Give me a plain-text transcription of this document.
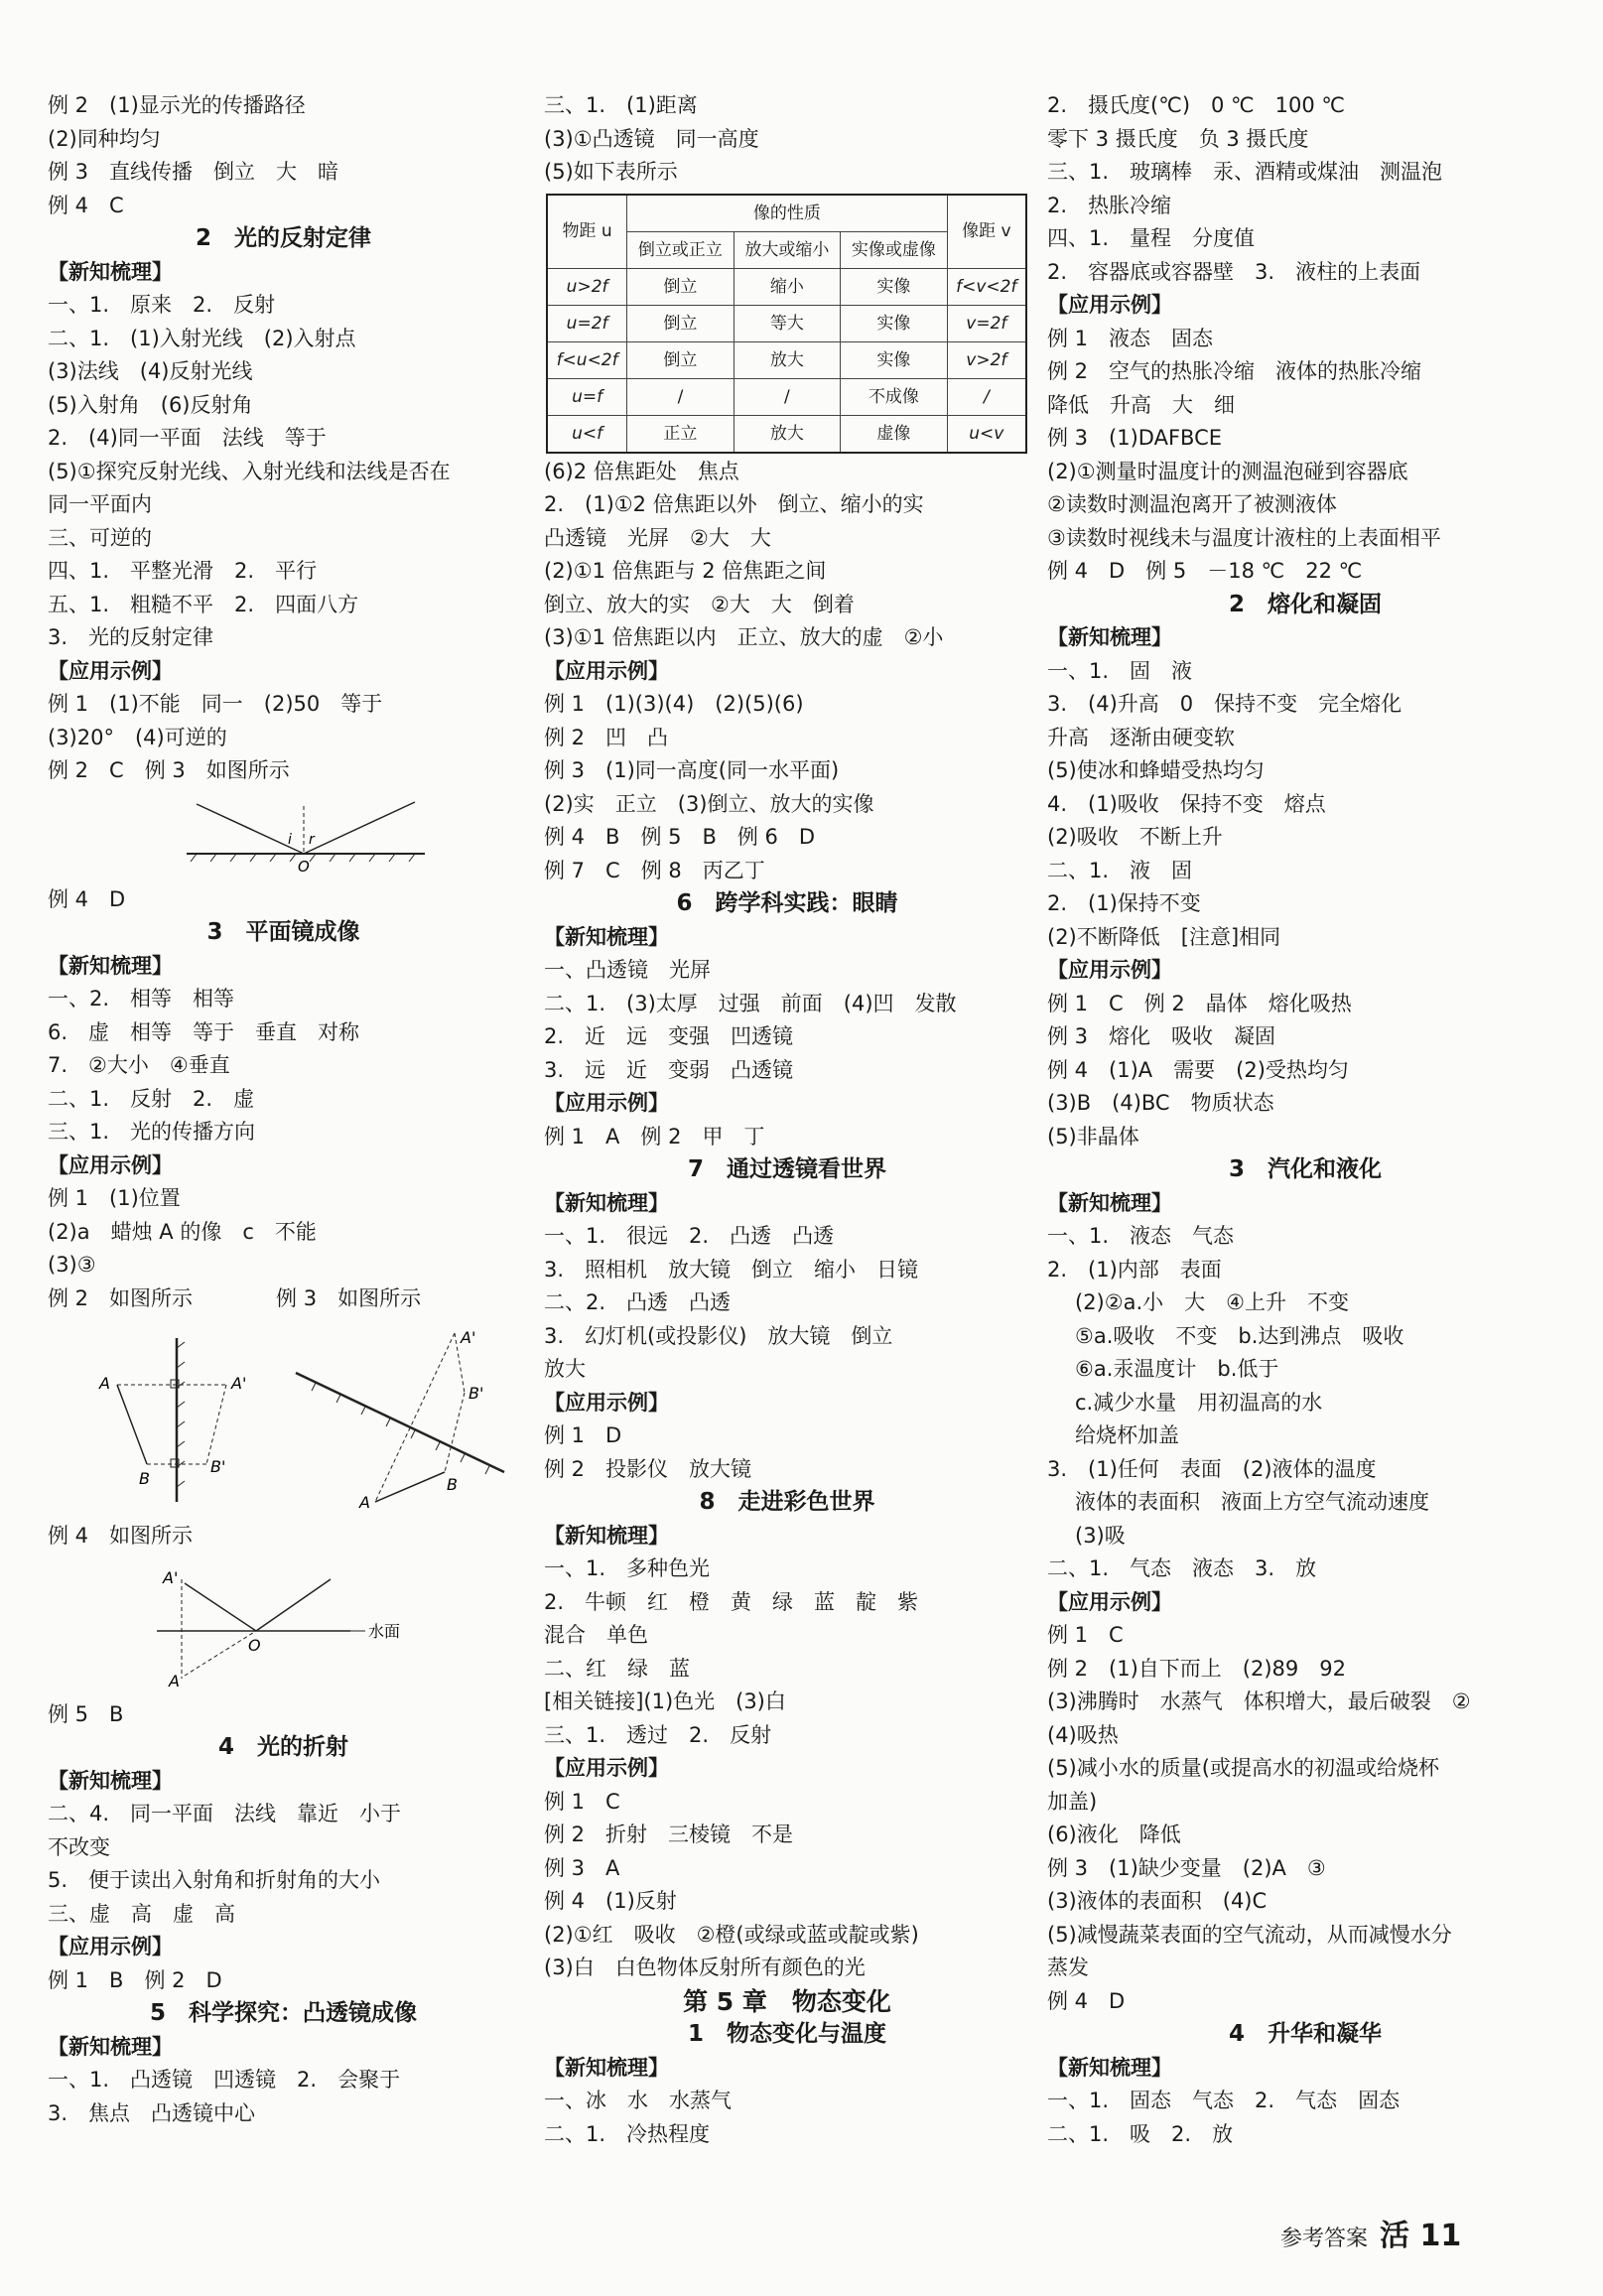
例 2　(1)显示光的传播路径
(2)同种均匀
例 3　直线传播　倒立　大　暗
例 4　C
2　光的反射定律
【新知梳理】
一、1.　原来　2.　反射
二、1.　(1)入射光线　(2)入射点
(3)法线　(4)反射光线
(5)入射角　(6)反射角
2.　(4)同一平面　法线　等于
(5)①探究反射光线、入射光线和法线是否在
同一平面内
三、可逆的
四、1.　平整光滑　2.　平行
五、1.　粗糙不平　2.　四面八方
3.　光的反射定律
【应用示例】
例 1　(1)不能　同一　(2)50　等于
(3)20°　(4)可逆的
例 2　C　例 3　如图所示
i r
O
例 4　D
3　平面镜成像
【新知梳理】
一、2.　相等　相等
6.　虚　相等　等于　垂直　对称
7.　②大小　④垂直
二、1.　反射　2.　虚
三、1.　光的传播方向
【应用示例】
例 1　(1)位置
(2)a　蜡烛 A 的像　c　不能
(3)③
例 2　如图所示　　　　例 3　如图所示
A	A'
B
B'
A'
B'
A
B
例 4　如图所示
水面
A'
O
A
例 5　B
4　光的折射
【新知梳理】
二、4.　同一平面　法线　靠近　小于
不改变
5.　便于读出入射角和折射角的大小
三、虚　高　虚　高
【应用示例】
例 1　B　例 2　D
5　科学探究：凸透镜成像
【新知梳理】
一、1.　凸透镜　凹透镜　2.　会聚于
3.　焦点　凸透镜中心
三、1.　(1)距离
(3)①凸透镜　同一高度
(5)如下表所示
物距 u	像的性质			像距 v
	倒立或正立	放大或缩小	实像或虚像	
u>2f	倒立	缩小	实像	f<v<2f
u=2f	倒立	等大	实像	v=2f
f<u<2f	倒立	放大	实像	v>2f
u=f	/	/	不成像	/
u<f	正立	放大	虚像	u<v
(6)2 倍焦距处　焦点
2.　(1)①2 倍焦距以外　倒立、缩小的实
凸透镜　光屏　②大　大
(2)①1 倍焦距与 2 倍焦距之间
倒立、放大的实　②大　大　倒着
(3)①1 倍焦距以内　正立、放大的虚　②小
【应用示例】
例 1　(1)(3)(4)　(2)(5)(6)
例 2　凹　凸
例 3　(1)同一高度(同一水平面)
(2)实　正立　(3)倒立、放大的实像
例 4　B　例 5　B　例 6　D
例 7　C　例 8　丙乙丁
6　跨学科实践：眼睛
【新知梳理】
一、凸透镜　光屏
二、1.　(3)太厚　过强　前面　(4)凹　发散
2.　近　远　变强　凹透镜
3.　远　近　变弱　凸透镜
【应用示例】
例 1　A　例 2　甲　丁
7　通过透镜看世界
【新知梳理】
一、1.　很远　2.　凸透　凸透
3.　照相机　放大镜　倒立　缩小　日镜
二、2.　凸透　凸透
3.　幻灯机(或投影仪)　放大镜　倒立
放大
【应用示例】
例 1　D
例 2　投影仪　放大镜
8　走进彩色世界
【新知梳理】
一、1.　多种色光
2.　牛顿　红　橙　黄　绿　蓝　靛　紫
混合　单色
二、红　绿　蓝
[相关链接](1)色光　(3)白
三、1.　透过　2.　反射
【应用示例】
例 1　C
例 2　折射　三棱镜　不是
例 3　A
例 4　(1)反射
(2)①红　吸收　②橙(或绿或蓝或靛或紫)
(3)白　白色物体反射所有颜色的光
第 5 章　物态变化
1　物态变化与温度
【新知梳理】
一、冰　水　水蒸气
二、1.　冷热程度
2.　摄氏度(℃)　0 ℃　100 ℃
零下 3 摄氏度　负 3 摄氏度
三、1.　玻璃棒　汞、酒精或煤油　测温泡
2.　热胀冷缩
四、1.　量程　分度值
2.　容器底或容器壁　3.　液柱的上表面
【应用示例】
例 1　液态　固态
例 2　空气的热胀冷缩　液体的热胀冷缩
降低　升高　大　细
例 3　(1)DAFBCE
(2)①测量时温度计的测温泡碰到容器底
②读数时测温泡离开了被测液体
③读数时视线未与温度计液柱的上表面相平
例 4　D　例 5　－18 ℃　22 ℃
2　熔化和凝固
【新知梳理】
一、1.　固　液
3.　(4)升高　0　保持不变　完全熔化
升高　逐渐由硬变软
(5)使冰和蜂蜡受热均匀
4.　(1)吸收　保持不变　熔点
(2)吸收　不断上升
二、1.　液　固
2.　(1)保持不变
(2)不断降低　[注意]相同
【应用示例】
例 1　C　例 2　晶体　熔化吸热
例 3　熔化　吸收　凝固
例 4　(1)A　需要　(2)受热均匀
(3)B　(4)BC　物质状态
(5)非晶体
3　汽化和液化
【新知梳理】
一、1.　液态　气态
2.　(1)内部　表面
(2)②a.小　大　④上升　不变
⑤a.吸收　不变　b.达到沸点　吸收
⑥a.汞温度计　b.低于
c.减少水量　用初温高的水
给烧杯加盖
3.　(1)任何　表面　(2)液体的温度
液体的表面积　液面上方空气流动速度
(3)吸
二、1.　气态　液态　3.　放
【应用示例】
例 1　C
例 2　(1)自下而上　(2)89　92
(3)沸腾时　水蒸气　体积增大，最后破裂　②
(4)吸热
(5)减小水的质量(或提高水的初温或给烧杯
加盖)
(6)液化　降低
例 3　(1)缺少变量　(2)A　③
(3)液体的表面积　(4)C
(5)减慢蔬菜表面的空气流动，从而减慢水分
蒸发
例 4　D
4　升华和凝华
【新知梳理】
一、1.　固态　气态　2.　气态　固态
二、1.　吸　2.　放
参考答案 活 11
